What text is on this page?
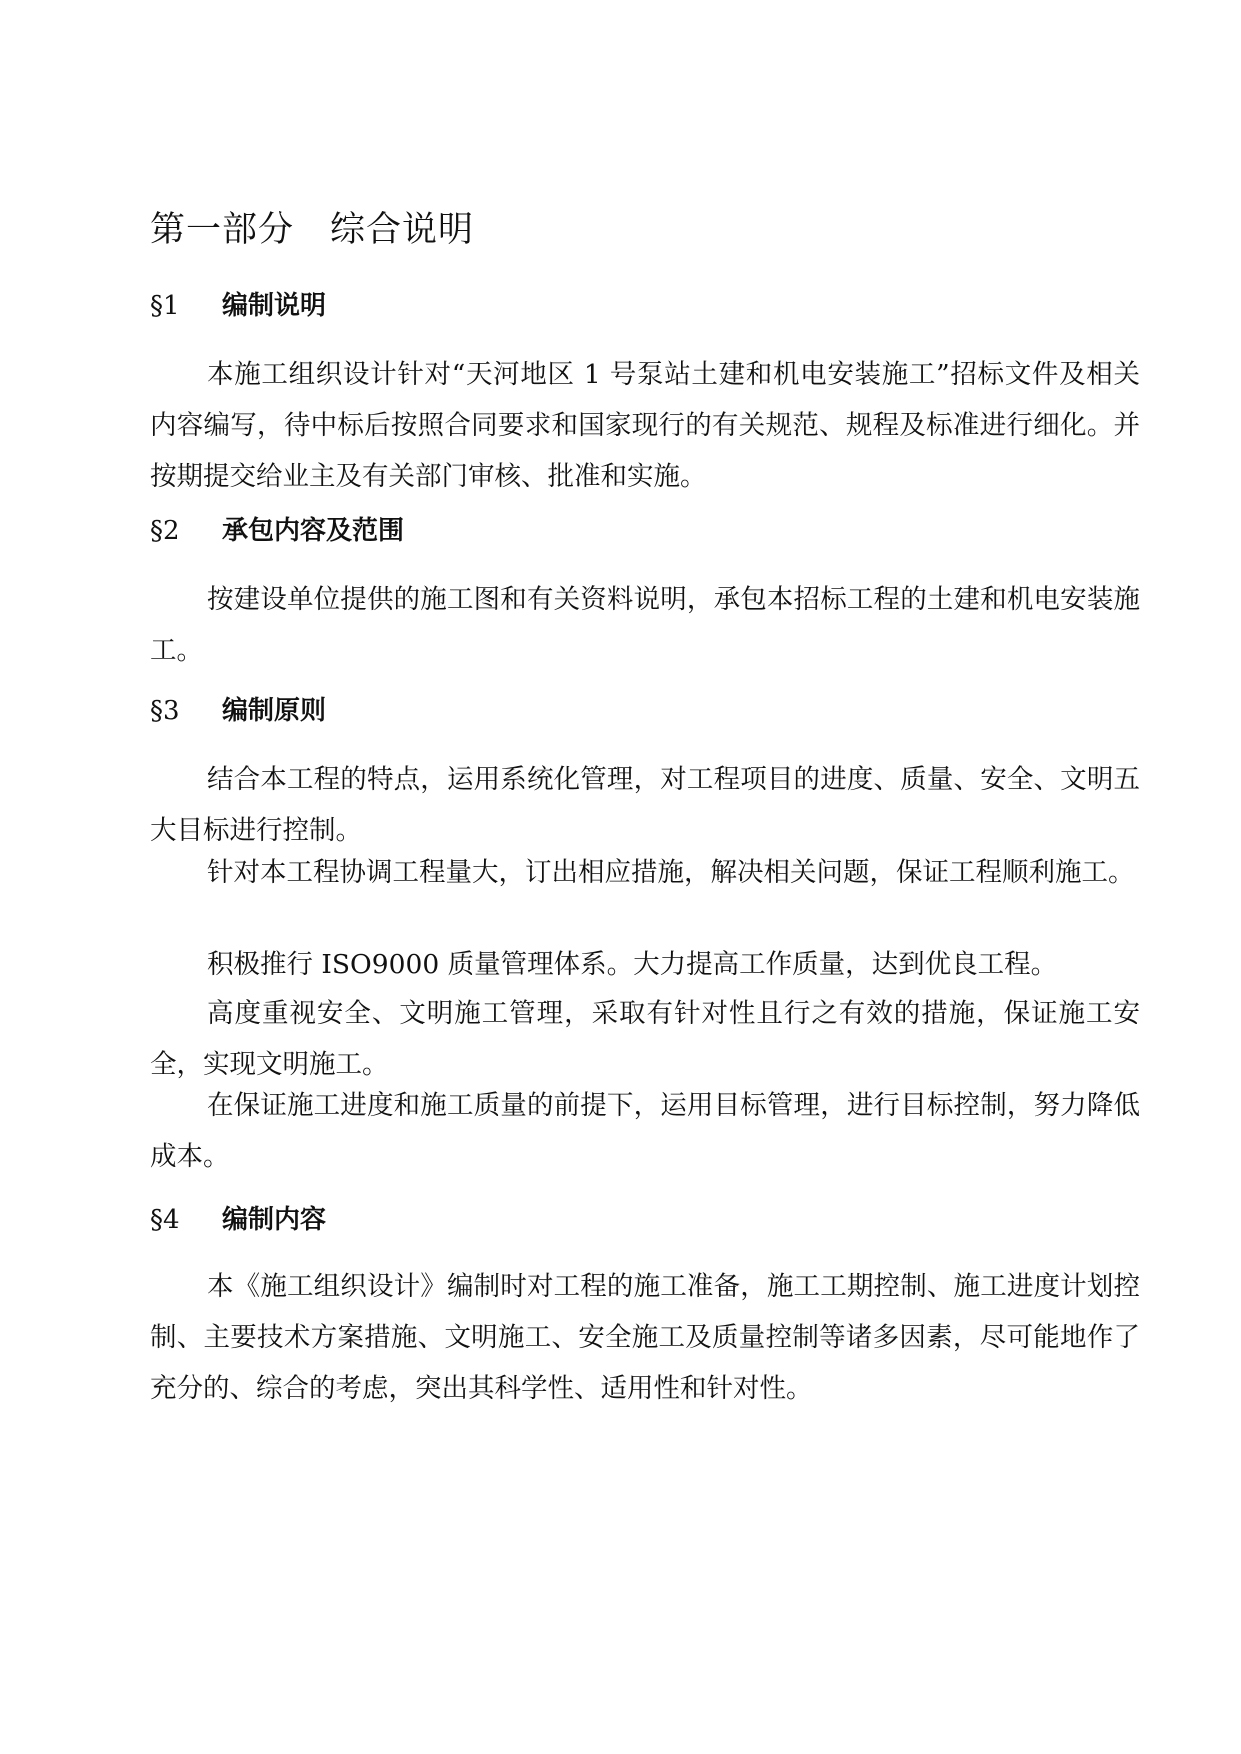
第一部分 综合说明
§1 编制说明

本施工组织设计针对“天河地区 1 号泵站土建和机电安装施工”招标文件及相关内容编写，待中标后按照合同要求和国家现行的有关规范、规程及标准进行细化。并按期提交给业主及有关部门审核、批准和实施。

§2 承包内容及范围

按建设单位提供的施工图和有关资料说明，承包本招标工程的土建和机电安装施工。

§3 编制原则

结合本工程的特点，运用系统化管理，对工程项目的进度、质量、安全、文明五大目标进行控制。

针对本工程协调工程量大，订出相应措施，解决相关问题，保证工程顺利施工。

积极推行 ISO9000 质量管理体系。大力提高工作质量，达到优良工程。

高度重视安全、文明施工管理，采取有针对性且行之有效的措施，保证施工安全，实现文明施工。

在保证施工进度和施工质量的前提下，运用目标管理，进行目标控制，努力降低成本。

§4 编制内容

本《施工组织设计》编制时对工程的施工准备，施工工期控制、施工进度计划控制、主要技术方案措施、文明施工、安全施工及质量控制等诸多因素，尽可能地作了充分的、综合的考虑，突出其科学性、适用性和针对性。
